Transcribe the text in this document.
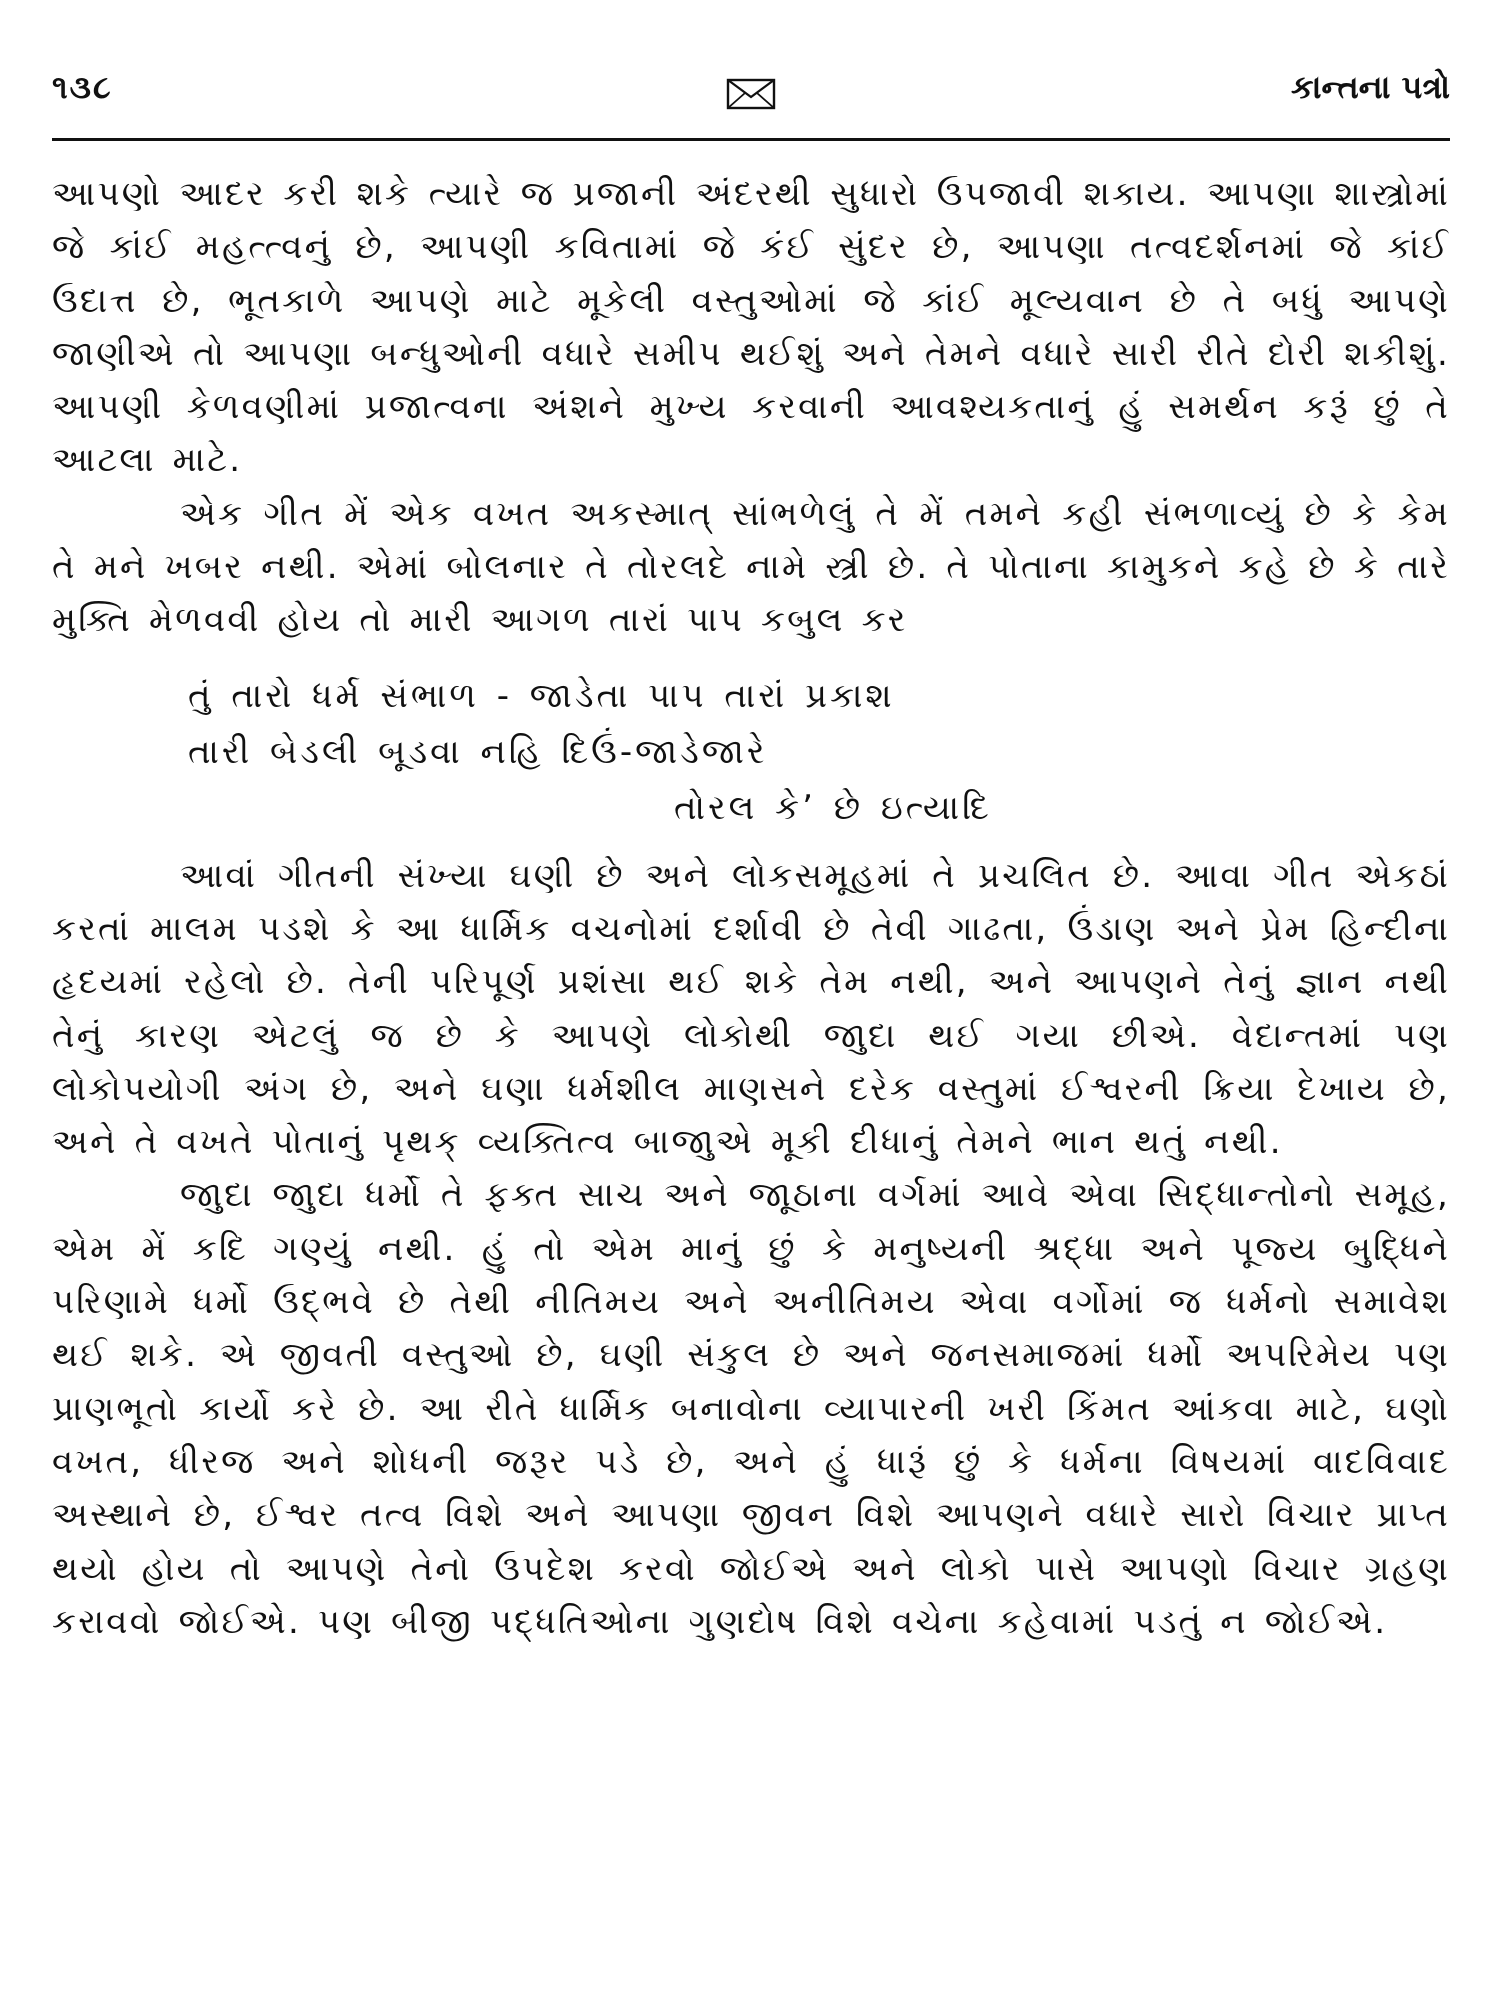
૧૩૮	કાન્તના પત્રો

આપણો આદર કરી શકે ત્યારે જ પ્રજાની અંદરથી સુધારો ઉપજાવી શકાય. આપણા શાસ્ત્રોમાં જે કાંઈ મહત્ત્વનું છે, આપણી કવિતામાં જે કંઈ સુંદર છે, આપણા તત્વદર્શનમાં જે કાંઈ ઉદાત્ત છે, ભૂતકાળે આપણે માટે મૂકેલી વસ્તુઓમાં જે કાંઈ મૂલ્યવાન છે તે બધું આપણે જાણીએ તો આપણા બન્ધુઓની વધારે સમીપ થઈશું અને તેમને વધારે સારી રીતે દોરી શકીશું. આપણી કેળવણીમાં પ્રજાત્વના અંશને મુખ્ય કરવાની આવશ્યકતાનું હું સમર્થન કરૂં છું તે આટલા માટે.

એક ગીત મેં એક વખત અકસ્માત્ સાંભળેલું તે મેં તમને કહી સંભળાવ્યું છે કે કેમ તે મને ખબર નથી. એમાં બોલનાર તે તોરલદે નામે સ્ત્રી છે. તે પોતાના કામુકને કહે છે કે તારે મુક્તિ મેળવવી હોય તો મારી આગળ તારાં પાપ કબુલ કર

તું તારો ધર્મ સંભાળ - જાડેતા પાપ તારાં પ્રકાશ

તારી બેડલી બૂડવા નહિ દિઉં-જાડેજારે

તોરલ કે’ છે ઇત્યાદિ

આવાં ગીતની સંખ્યા ઘણી છે અને લોકસમૂહમાં તે પ્રચલિત છે. આવા ગીત એકઠાં કરતાં માલમ પડશે કે આ ધાર્મિક વચનોમાં દર્શાવી છે તેવી ગાઢતા, ઉંડાણ અને પ્રેમ હિન્દીના હૃદયમાં રહેલો છે. તેની પરિપૂર્ણ પ્રશંસા થઈ શકે તેમ નથી, અને આપણને તેનું જ્ઞાન નથી તેનું કારણ એટલું જ છે કે આપણે લોકોથી જાુદા થઈ ગયા છીએ. વેદાન્તમાં પણ લોકોપયોગી અંગ છે, અને ઘણા ધર્મશીલ માણસને દરેક વસ્તુમાં ઈશ્વરની ક્રિયા દેખાય છે, અને તે વખતે પોતાનું પૃથક્ વ્યક્તિત્વ બાજાુએ મૂકી દીધાનું તેમને ભાન થતું નથી.

જાુદા જાુદા ધર્મો તે ફક્ત સાચ અને જાૂઠાના વર્ગમાં આવે એવા સિદ્ધાન્તોનો સમૂહ, એમ મેં કદિ ગણ્યું નથી. હું તો એમ માનું છું કે મનુષ્યની શ્રદ્ધા અને પૂજ્ય બુદ્ધિને પરિણામે ધર્મો ઉદ્ભવે છે તેથી નીતિમય અને અનીતિમય એવા વર્ગોમાં જ ધર્મનો સમાવેશ થઈ શકે. એ જીવતી વસ્તુઓ છે, ઘણી સંકુલ છે અને જનસમાજમાં ધર્મો અપરિમેય પણ પ્રાણભૂતો કાર્યો કરે છે. આ રીતે ધાર્મિક બનાવોના વ્યાપારની ખરી કિંમત આંકવા માટે, ઘણો વખત, ધીરજ અને શોધની જરૂર પડે છે, અને હું ધારૂં છું કે ધર્મના વિષયમાં વાદવિવાદ અસ્થાને છે, ઈશ્વર તત્વ વિશે અને આપણા જીવન વિશે આપણને વધારે સારો વિચાર પ્રાપ્ત થયો હોય તો આપણે તેનો ઉપદેશ કરવો જોઈએ અને લોકો પાસે આપણો વિચાર ગ્રહણ કરાવવો જોઈએ. પણ બીજી પદ્ધતિઓના ગુણદોષ વિશે વચેના કહેવામાં પડતું ન જોઈએ.
